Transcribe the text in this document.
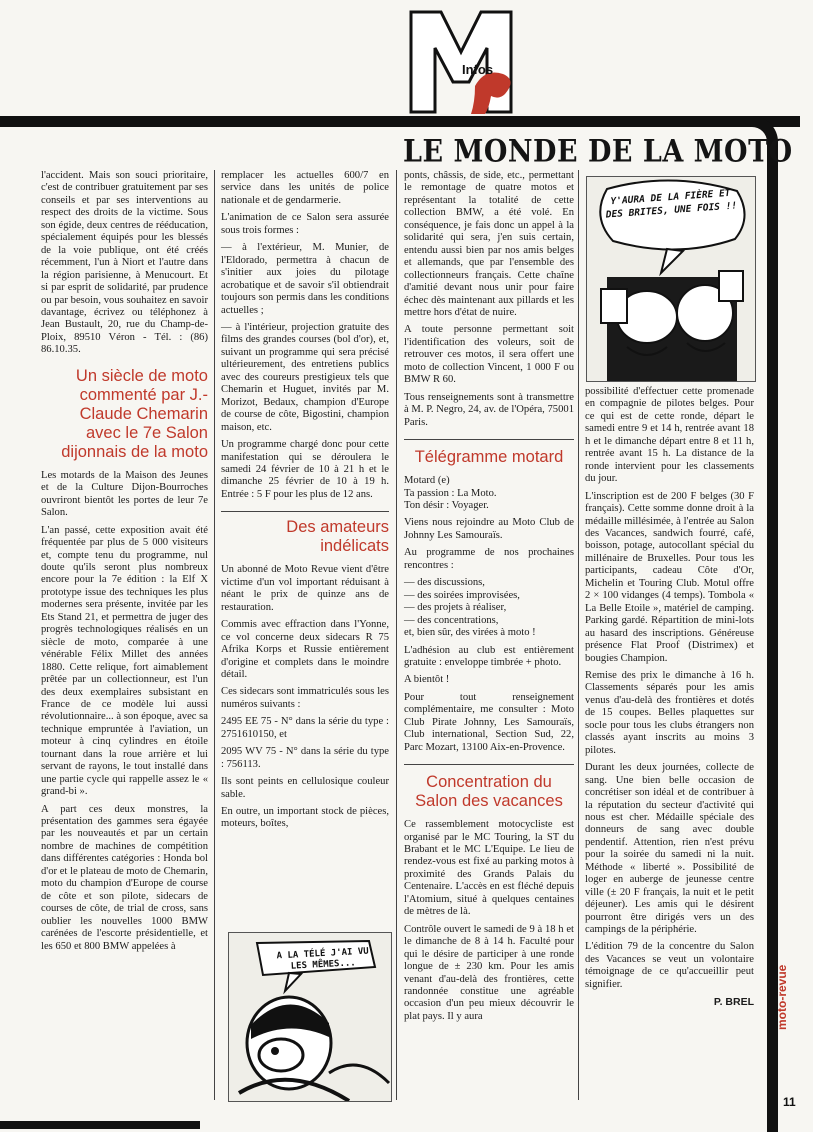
Infos
LE MONDE DE LA MOTO

l'accident. Mais son souci prioritaire, c'est de contribuer gratuitement par ses conseils et par ses interventions au respect des droits de la victime. Sous son égide, deux centres de rééducation, spécialement équipés pour les blessés de la voie publique, ont été créés récemment, l'un à Niort et l'autre dans la région parisienne, à Menucourt. Et si par esprit de solidarité, par prudence ou par besoin, vous souhaitez en savoir davantage, écrivez ou téléphonez à Jean Bustault, 20, rue du Champ-de-Ploix, 89510 Véron - Tél. : (86) 86.10.35.

Un siècle de moto commenté par J.-Claude Chemarin avec le 7e Salon dijonnais de la moto

Les motards de la Maison des Jeunes et de la Culture Dijon-Bourroches ouvriront bientôt les portes de leur 7e Salon.

L'an passé, cette exposition avait été fréquentée par plus de 5 000 visiteurs et, compte tenu du programme, nul doute qu'ils seront plus nombreux encore pour la 7e édition : la Elf X prototype issue des techniques les plus modernes sera présente, invitée par les Ets Stand 21, et permettra de juger des progrès technologiques réalisés en un siècle de moto, comparée à une vénérable Félix Millet des années 1880. Cette relique, fort aimablement prêtée par un collectionneur, est l'un des deux exemplaires subsistant en France de ce modèle lui aussi révolutionnaire... à son époque, avec sa technique empruntée à l'aviation, un moteur à cinq cylindres en étoile tournant dans la roue arrière et lui servant de rayons, le tout installé dans une partie cycle qui rappelle assez le « grand-bi ».

A part ces deux monstres, la présentation des gammes sera égayée par les nouveautés et par un certain nombre de machines de compétition dans différentes catégories : Honda bol d'or et le plateau de moto de Chemarin, moto du champion d'Europe de course de côte et son pilote, sidecars de courses de côte, de trial de cross, sans oublier les nouvelles 1000 BMW carénées de l'escorte présidentielle, et les 650 et 800 BMW appelées à

remplacer les actuelles 600/7 en service dans les unités de police nationale et de gendarmerie.

L'animation de ce Salon sera assurée sous trois formes :

— à l'extérieur, M. Munier, de l'Eldorado, permettra à chacun de s'initier aux joies du pilotage acrobatique et de savoir s'il obtiendrait toujours son permis dans les conditions actuelles ;

— à l'intérieur, projection gratuite des films des grandes courses (bol d'or), et, suivant un programme qui sera précisé ultérieurement, des entretiens publics avec des coureurs prestigieux tels que Chemarin et Huguet, invités par M. Morizot, Bedaux, champion d'Europe de course de côte, Bigostini, champion maison, etc.

Un programme chargé donc pour cette manifestation qui se déroulera le samedi 24 février de 10 à 21 h et le dimanche 25 février de 10 à 19 h. Entrée : 5 F pour les plus de 12 ans.

Des amateurs indélicats

Un abonné de Moto Revue vient d'être victime d'un vol important réduisant à néant le prix de quinze ans de restauration.

Commis avec effraction dans l'Yonne, ce vol concerne deux sidecars R 75 Afrika Korps et Russie entièrement d'origine et complets dans le moindre détail.

Ces sidecars sont immatriculés sous les numéros suivants :

2495 EE 75 - N° dans la série du type : 2751610150, et

2095 WV 75 - N° dans la série du type : 756113.

Ils sont peints en cellulosique couleur sable.

En outre, un important stock de pièces, moteurs, boîtes,

A LA TÉLÉ J'AI VU LES MÊMES...

ponts, châssis, de side, etc., permettant le remontage de quatre motos et représentant la totalité de cette collection BMW, a été volé. En conséquence, je fais donc un appel à la solidarité qui sera, j'en suis certain, entendu aussi bien par nos amis belges et allemands, que par l'ensemble des collectionneurs français. Cette chaîne d'amitié devant nous unir pour faire échec dès maintenant aux pillards et les mettre hors d'état de nuire.

A toute personne permettant soit l'identification des voleurs, soit de retrouver ces motos, il sera offert une moto de collection Vincent, 1 000 F ou BMW R 60.

Tous renseignements sont à transmettre à M. P. Negro, 24, av. de l'Opéra, 75001 Paris.

Télégramme motard

Motard (e)

Ta passion : La Moto.

Ton désir : Voyager.

Viens nous rejoindre au Moto Club de Johnny Les Samouraïs.

Au programme de nos prochaines rencontres :

— des discussions,

— des soirées improvisées,

— des projets à réaliser,

— des concentrations,

et, bien sûr, des virées à moto !

L'adhésion au club est entièrement gratuite : enveloppe timbrée + photo.

A bientôt !

Pour tout renseignement complémentaire, me consulter : Moto Club Pirate Johnny, Les Samouraïs, Club international, Section Sud, 22, Parc Mozart, 13100 Aix-en-Provence.

Concentration du Salon des vacances

Ce rassemblement motocycliste est organisé par le MC Touring, la ST du Brabant et le MC L'Equipe. Le lieu de rendez-vous est fixé au parking motos à proximité des Grands Palais du Centenaire. L'accès en est fléché depuis l'Atomium, situé à quelques centaines de mètres de là.

Contrôle ouvert le samedi de 9 à 18 h et le dimanche de 8 à 14 h. Faculté pour qui le désire de participer à une ronde longue de ± 230 km. Pour les amis venant d'au-delà des frontières, cette randonnée constitue une agréable occasion d'un peu mieux découvrir le plat pays. Il y aura

Y'AURA DE LA FIÈRE ET DES BRITES, UNE FOIS !!

possibilité d'effectuer cette promenade en compagnie de pilotes belges. Pour ce qui est de cette ronde, départ le samedi entre 9 et 14 h, rentrée avant 18 h et le dimanche départ entre 8 et 11 h, rentrée avant 15 h. La distance de la ronde intervient pour les classements du jour.

L'inscription est de 200 F belges (30 F français). Cette somme donne droit à la médaille millésimée, à l'entrée au Salon des Vacances, sandwich fourré, café, boisson, potage, autocollant spécial du millénaire de Bruxelles. Pour tous les participants, cadeau Côte d'Or, Michelin et Touring Club. Motul offre 2 × 100 vidanges (4 temps). Tombola « La Belle Etoile », matériel de camping. Parking gardé. Répartition de mini-lots au hasard des inscriptions. Généreuse présence Flat Proof (Distrimex) et bougies Champion.

Remise des prix le dimanche à 16 h. Classements séparés pour les amis venus d'au-delà des frontières et dotés de 15 coupes. Belles plaquettes sur socle pour tous les clubs étrangers non classés ayant inscrits au moins 3 pilotes.

Durant les deux journées, collecte de sang. Une bien belle occasion de concrétiser son idéal et de contribuer à la réputation du secteur d'activité qui nous est cher. Médaille spéciale des donneurs de sang avec double pendentif. Attention, rien n'est prévu pour la soirée du samedi ni la nuit. Méthode « liberté ». Possibilité de loger en auberge de jeunesse centre ville (± 20 F français, la nuit et le petit déjeuner). Les amis qui le désirent pourront être dirigés vers un des campings de la périphérie.

L'édition 79 de la concentre du Salon des Vacances se veut un volontaire témoignage de ce qu'accueillir peut signifier.

P. BREL moto-revue
11
